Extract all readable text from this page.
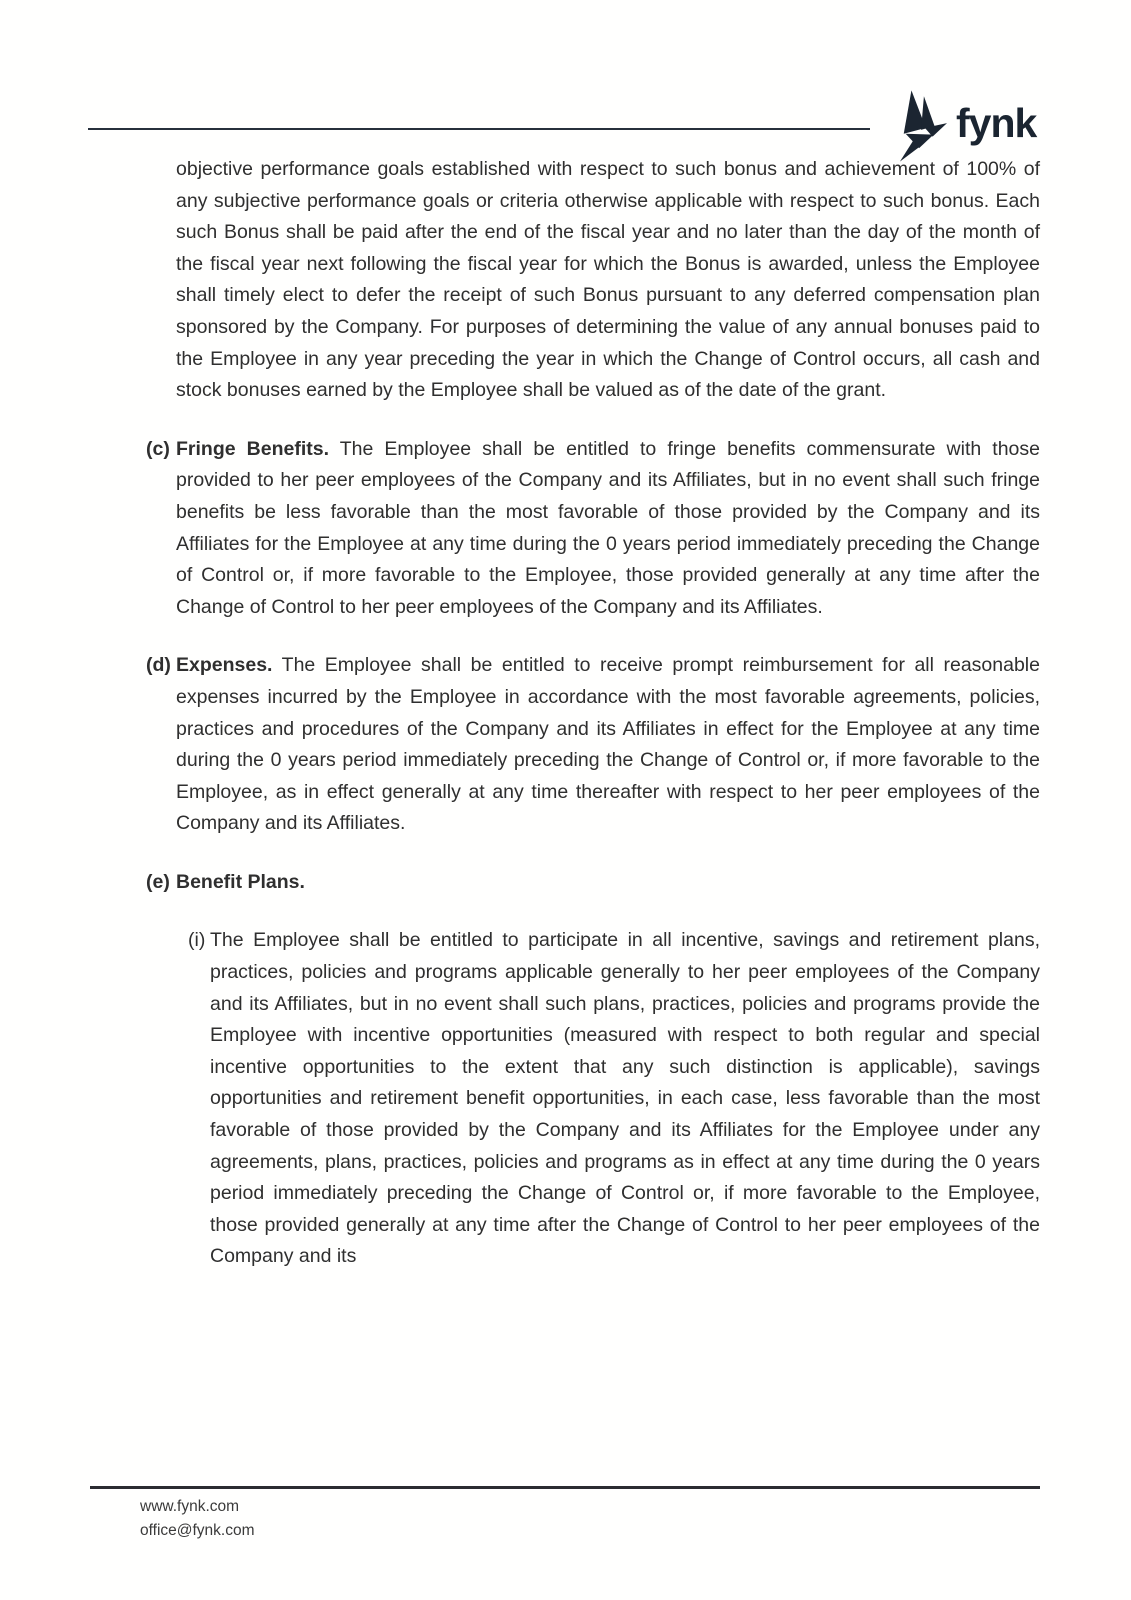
fynk

objective performance goals established with respect to such bonus and achievement of 100% of any subjective performance goals or criteria otherwise applicable with respect to such bonus. Each such Bonus shall be paid after the end of the fiscal year and no later than the day of the month of the fiscal year next following the fiscal year for which the Bonus is awarded, unless the Employee shall timely elect to defer the receipt of such Bonus pursuant to any deferred compensation plan sponsored by the Company. For purposes of determining the value of any annual bonuses paid to the Employee in any year preceding the year in which the Change of Control occurs, all cash and stock bonuses earned by the Employee shall be valued as of the date of the grant.

(c) Fringe Benefits. The Employee shall be entitled to fringe benefits commensurate with those provided to her peer employees of the Company and its Affiliates, but in no event shall such fringe benefits be less favorable than the most favorable of those provided by the Company and its Affiliates for the Employee at any time during the 0 years period immediately preceding the Change of Control or, if more favorable to the Employee, those provided generally at any time after the Change of Control to her peer employees of the Company and its Affiliates.
(d) Expenses. The Employee shall be entitled to receive prompt reimbursement for all reasonable expenses incurred by the Employee in accordance with the most favorable agreements, policies, practices and procedures of the Company and its Affiliates in effect for the Employee at any time during the 0 years period immediately preceding the Change of Control or, if more favorable to the Employee, as in effect generally at any time thereafter with respect to her peer employees of the Company and its Affiliates.
(e) Benefit Plans.
(i) The Employee shall be entitled to participate in all incentive, savings and retirement plans, practices, policies and programs applicable generally to her peer employees of the Company and its Affiliates, but in no event shall such plans, practices, policies and programs provide the Employee with incentive opportunities (measured with respect to both regular and special incentive opportunities to the extent that any such distinction is applicable), savings opportunities and retirement benefit opportunities, in each case, less favorable than the most favorable of those provided by the Company and its Affiliates for the Employee under any agreements, plans, practices, policies and programs as in effect at any time during the 0 years period immediately preceding the Change of Control or, if more favorable to the Employee, those provided generally at any time after the Change of Control to her peer employees of the Company and its
www.fynk.com
office@fynk.com
